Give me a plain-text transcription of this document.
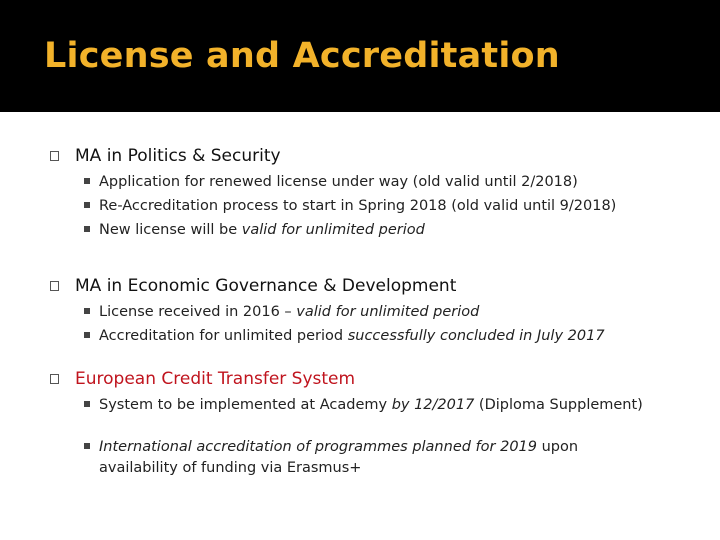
License and Accreditation
MA in Politics & Security
Application for renewed license under way (old valid until 2/2018)
Re-Accreditation process to start in Spring 2018 (old valid until 9/2018)
New license will be valid for unlimited period
MA in Economic Governance & Development
License received in 2016 – valid for unlimited period
Accreditation for unlimited period successfully concluded in July 2017
European Credit Transfer System
System to be implemented at Academy by 12/2017 (Diploma Supplement)
International accreditation of programmes planned for 2019 upon availability of funding via Erasmus+
